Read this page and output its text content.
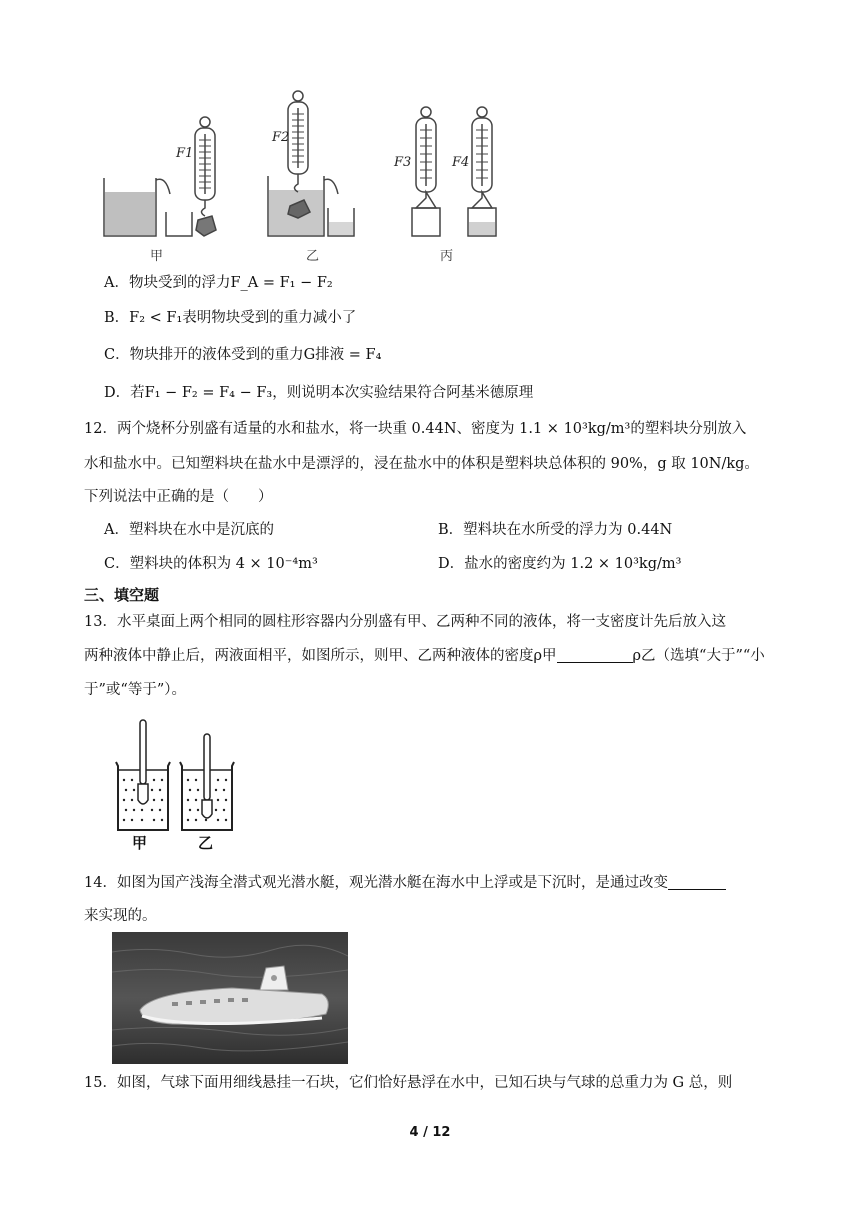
F1
F2
F3	F4
甲	乙	丙
A．物块受到的浮力F_A = F₁ − F₂
B．F₂ < F₁表明物块受到的重力减小了
C．物块排开的液体受到的重力G排液 = F₄
D．若F₁ − F₂ = F₄ − F₃，则说明本次实验结果符合阿基米德原理
12．两个烧杯分别盛有适量的水和盐水，将一块重 0.44N、密度为 1.1 × 10³kg/m³的塑料块分别放入
水和盐水中。已知塑料块在盐水中是漂浮的，浸在盐水中的体积是塑料块总体积的 90%，g 取 10N/kg。
下列说法中正确的是（　　）
A．塑料块在水中是沉底的	B．塑料块在水所受的浮力为 0.44N
C．塑料块的体积为 4 × 10⁻⁴m³	D．盐水的密度约为 1.2 × 10³kg/m³
三、填空题
13．水平桌面上两个相同的圆柱形容器内分别盛有甲、乙两种不同的液体，将一支密度计先后放入这
两种液体中静止后，两液面相平，如图所示，则甲、乙两种液体的密度ρ甲	ρ乙（选填“大于”“小
于”或“等于”）。
甲	乙
14．如图为国产浅海全潜式观光潜水艇，观光潜水艇在海水中上浮或是下沉时，是通过改变
来实现的。
15．如图，气球下面用细线悬挂一石块，它们恰好悬浮在水中，已知石块与气球的总重力为 G 总，则
4 / 12
